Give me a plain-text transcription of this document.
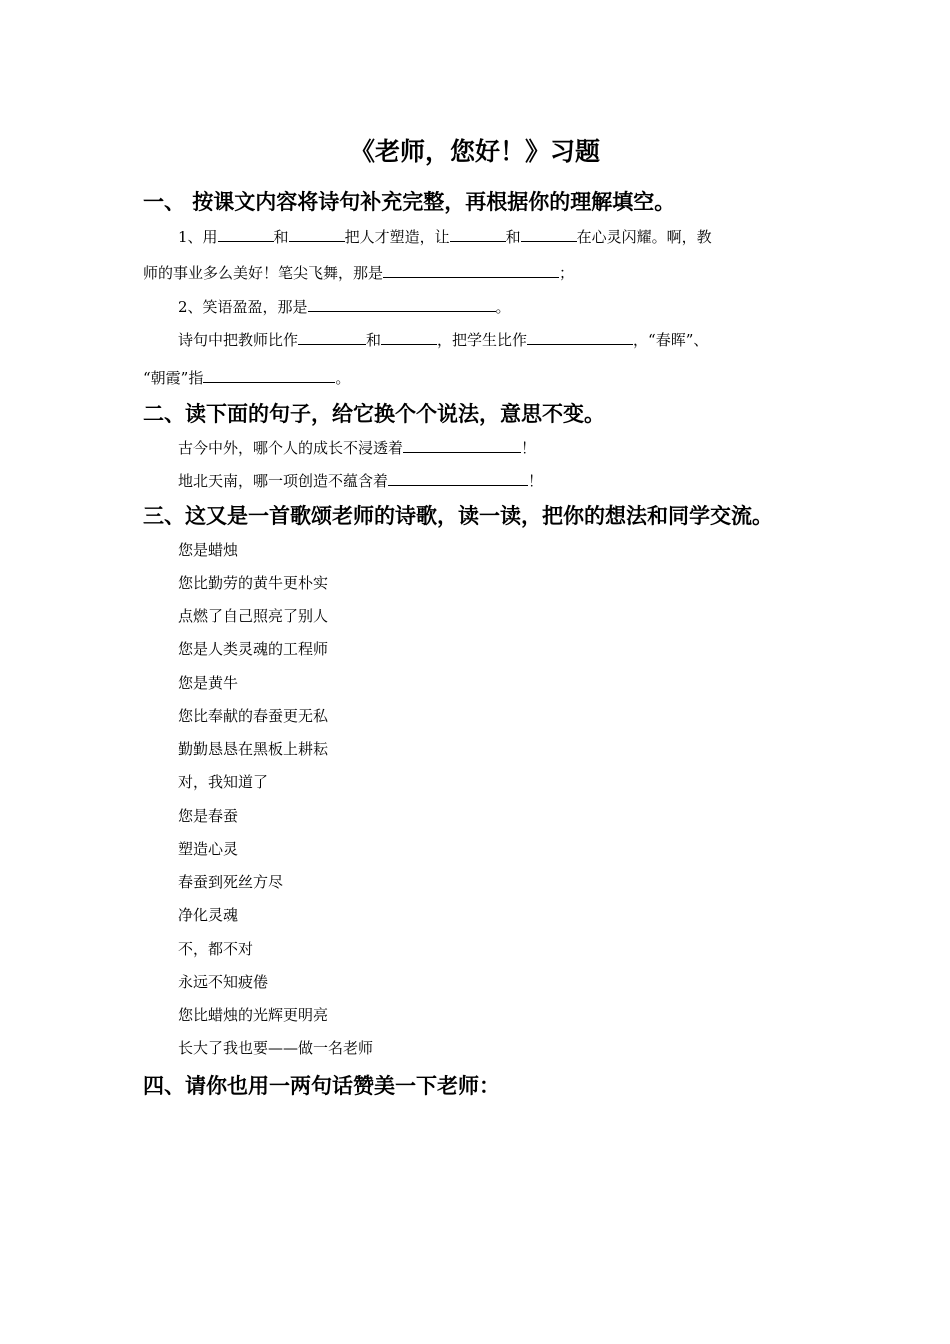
《老师，您好！》习题
一、 按课文内容将诗句补充完整，再根据你的理解填空。
1、用	和	把人才塑造，让	和	在心灵闪耀。啊，教
师的事业多么美好！笔尖飞舞，那是	；
2、笑语盈盈，那是	。
诗句中把教师比作	和	，把学生比作	，“春晖”、
“朝霞”指	。
二、读下面的句子，给它换个个说法，意思不变。
古今中外，哪个人的成长不浸透着	！
地北天南，哪一项创造不蕴含着	！
三、这又是一首歌颂老师的诗歌，读一读，把你的想法和同学交流。
您是蜡烛
您比勤劳的黄牛更朴实
点燃了自己照亮了别人
您是人类灵魂的工程师
您是黄牛
您比奉献的春蚕更无私
勤勤恳恳在黑板上耕耘
对，我知道了
您是春蚕
塑造心灵
春蚕到死丝方尽
净化灵魂
不，都不对
永远不知疲倦
您比蜡烛的光辉更明亮
长大了我也要——做一名老师
四、请你也用一两句话赞美一下老师：
